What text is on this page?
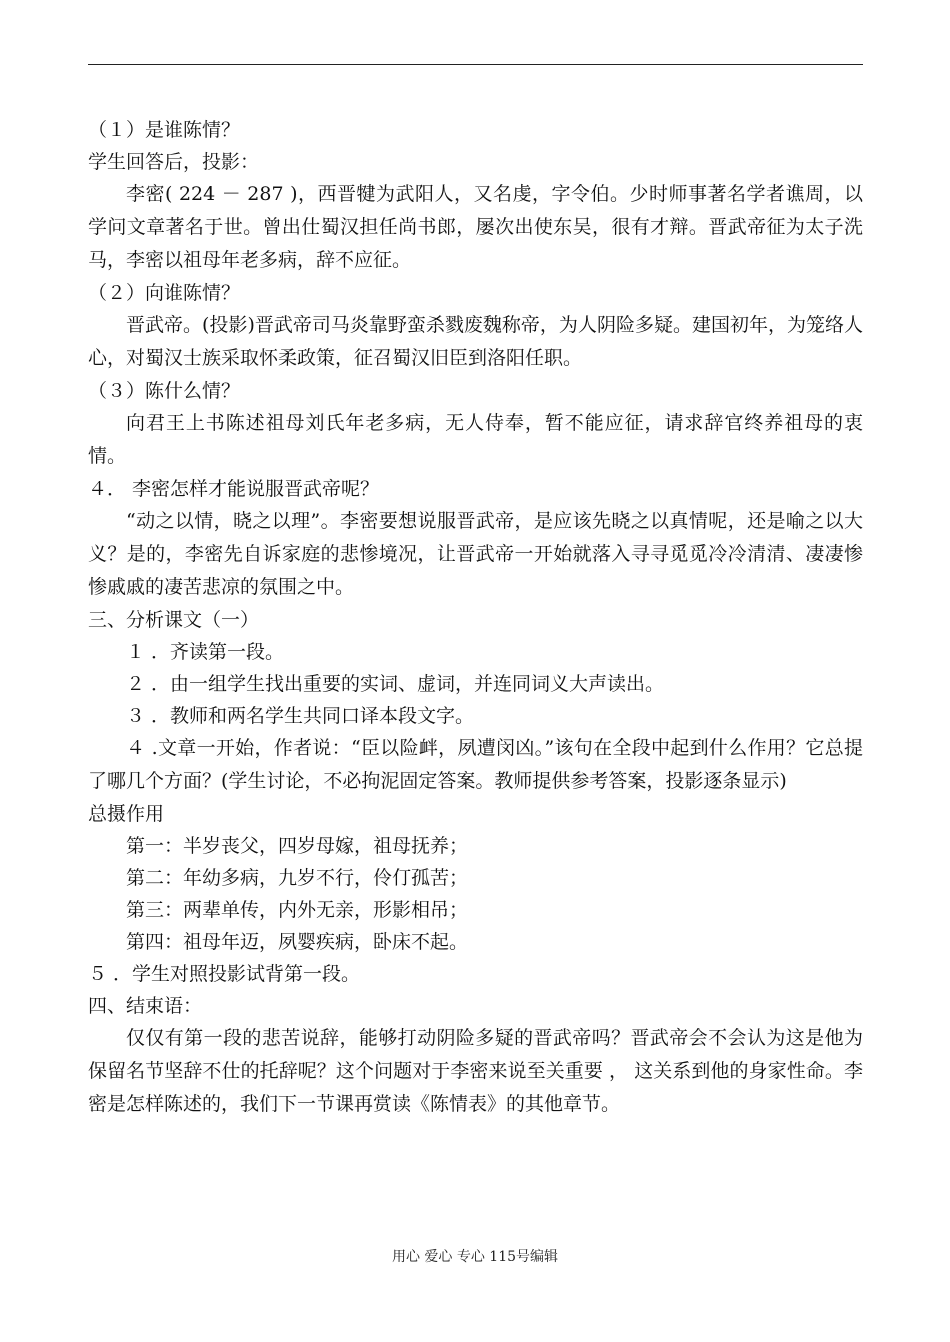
（１）是谁陈情？
学生回答后，投影：

李密( 224 － 287 )，西晋犍为武阳人，又名虔，字令伯。少时师事著名学者谯周，以学问文章著名于世。曾出仕蜀汉担任尚书郎，屡次出使东吴，很有才辩。晋武帝征为太子洗马，李密以祖母年老多病，辞不应征。

（２）向谁陈情？

晋武帝。(投影)晋武帝司马炎靠野蛮杀戮废魏称帝，为人阴险多疑。建国初年，为笼络人心，对蜀汉士族采取怀柔政策，征召蜀汉旧臣到洛阳任职。

（３）陈什么情？

向君王上书陈述祖母刘氏年老多病，无人侍奉，暂不能应征，请求辞官终养祖母的衷情。

４． 李密怎样才能说服晋武帝呢？

“动之以情，晓之以理”。李密要想说服晋武帝，是应该先晓之以真情呢，还是喻之以大义？是的，李密先自诉家庭的悲惨境况，让晋武帝一开始就落入寻寻觅觅冷冷清清、凄凄惨惨戚戚的凄苦悲凉的氛围之中。

三、分析课文（一）
１ ．齐读第一段。
２ ．由一组学生找出重要的实词、虚词，并连同词义大声读出。
３ ．教师和两名学生共同口译本段文字。

４ .文章一开始，作者说：“臣以险衅，夙遭闵凶。”该句在全段中起到什么作用？它总提了哪几个方面？(学生讨论，不必拘泥固定答案。教师提供参考答案，投影逐条显示)

总摄作用
第一：半岁丧父，四岁母嫁，祖母抚养；
第二：年幼多病，九岁不行，伶仃孤苦；
第三：两辈单传，内外无亲，形影相吊；
第四：祖母年迈，夙婴疾病，卧床不起。
５ ．学生对照投影试背第一段。
四、结束语：

仅仅有第一段的悲苦说辞，能够打动阴险多疑的晋武帝吗？晋武帝会不会认为这是他为保留名节坚辞不仕的托辞呢？这个问题对于李密来说至关重要 ， 这关系到他的身家性命。李密是怎样陈述的，我们下一节课再赏读《陈情表》的其他章节。

用心 爱心 专心 115号编辑
